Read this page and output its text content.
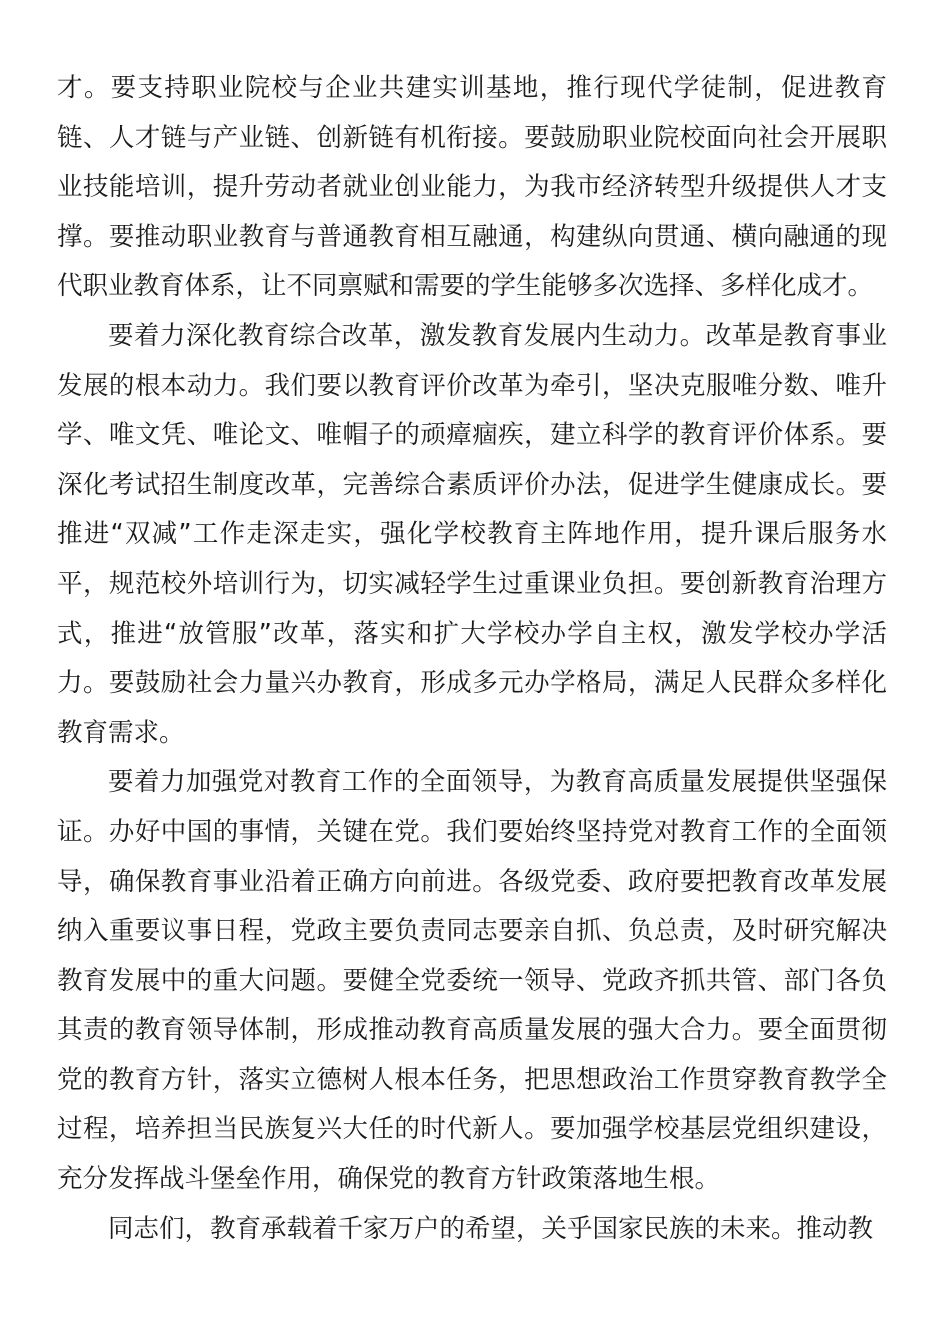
才。要支持职业院校与企业共建实训基地，推行现代学徒制，促进教育链、人才链与产业链、创新链有机衔接。要鼓励职业院校面向社会开展职业技能培训，提升劳动者就业创业能力，为我市经济转型升级提供人才支撑。要推动职业教育与普通教育相互融通，构建纵向贯通、横向融通的现代职业教育体系，让不同禀赋和需要的学生能够多次选择、多样化成才。

要着力深化教育综合改革，激发教育发展内生动力。改革是教育事业发展的根本动力。我们要以教育评价改革为牵引，坚决克服唯分数、唯升学、唯文凭、唯论文、唯帽子的顽瘴痼疾，建立科学的教育评价体系。要深化考试招生制度改革，完善综合素质评价办法，促进学生健康成长。要推进“双减”工作走深走实，强化学校教育主阵地作用，提升课后服务水平，规范校外培训行为，切实减轻学生过重课业负担。要创新教育治理方式，推进“放管服”改革，落实和扩大学校办学自主权，激发学校办学活力。要鼓励社会力量兴办教育，形成多元办学格局，满足人民群众多样化教育需求。

要着力加强党对教育工作的全面领导，为教育高质量发展提供坚强保证。办好中国的事情，关键在党。我们要始终坚持党对教育工作的全面领导，确保教育事业沿着正确方向前进。各级党委、政府要把教育改革发展纳入重要议事日程，党政主要负责同志要亲自抓、负总责，及时研究解决教育发展中的重大问题。要健全党委统一领导、党政齐抓共管、部门各负其责的教育领导体制，形成推动教育高质量发展的强大合力。要全面贯彻党的教育方针，落实立德树人根本任务，把思想政治工作贯穿教育教学全过程，培养担当民族复兴大任的时代新人。要加强学校基层党组织建设，充分发挥战斗堡垒作用，确保党的教育方针政策落地生根。

同志们，教育承载着千家万户的希望，关乎国家民族的未来。推动教
